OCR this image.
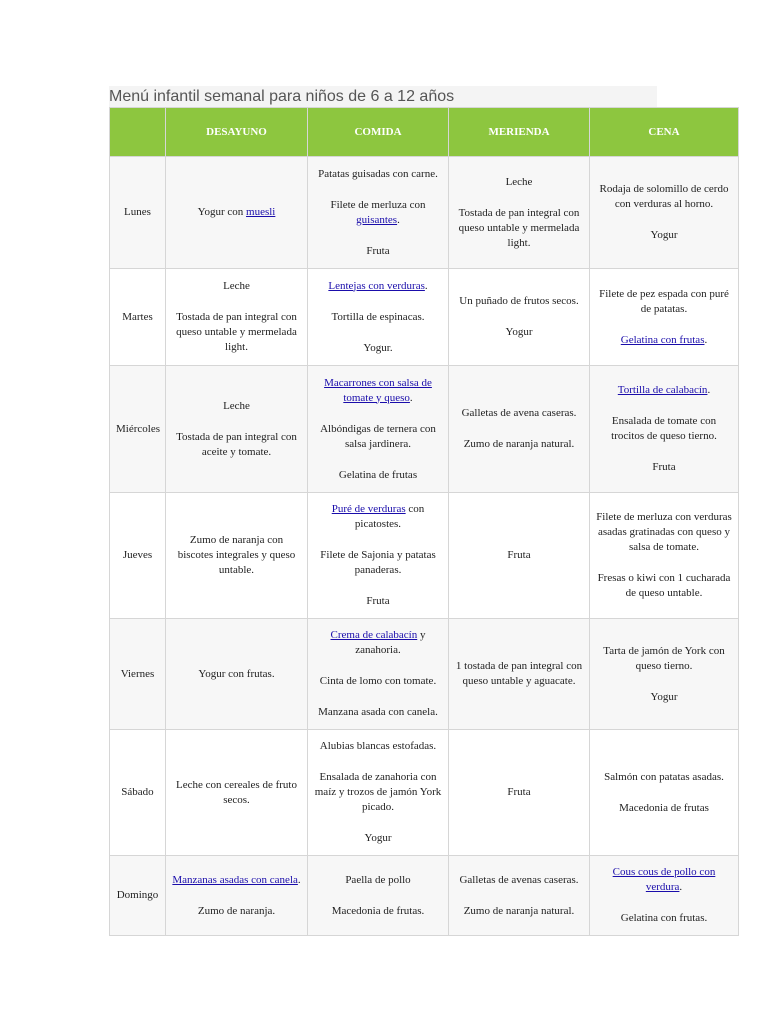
Menú infantil semanal para niños de 6 a 12 años
	DESAYUNO	COMIDA	MERIENDA	CENA
Lunes	Yogur con muesli	Patatas guisadas con carne.
Filete de merluza con guisantes.
Fruta	Leche
Tostada de pan integral con queso untable y mermelada light.	Rodaja de solomillo de cerdo con verduras al horno.
Yogur

Martes	Leche
Tostada de pan integral con queso untable y mermelada light.	Lentejas con verduras.
Tortilla de espinacas.
Yogur.	Un puñado de frutos secos.
Yogur	Filete de pez espada con puré de patatas.
Gelatina con frutas.

Miércoles	Leche
Tostada de pan integral con aceite y tomate.	Macarrones con salsa de tomate y queso.
Albóndigas de ternera con salsa jardinera.
Gelatina de frutas	Galletas de avena caseras.
Zumo de naranja natural.	Tortilla de calabacín.
Ensalada de tomate con trocitos de queso tierno.
Fruta

Jueves	Zumo de naranja con biscotes integrales y queso untable.	Puré de verduras con picatostes.
Filete de Sajonia y patatas panaderas.
Fruta	Fruta	Filete de merluza con verduras asadas gratinadas con queso y salsa de tomate.
Fresas o kiwi con 1 cucharada de queso untable.

Viernes	Yogur con frutas.	Crema de calabacín y zanahoria.
Cinta de lomo con tomate.
Manzana asada con canela.	1 tostada de pan integral con queso untable y aguacate.	Tarta de jamón de York con queso tierno.
Yogur

Sábado	Leche con cereales de fruto secos.	Alubias blancas estofadas.
Ensalada de zanahoria con maíz y trozos de jamón York picado.
Yogur	Fruta	Salmón con patatas asadas.
Macedonia de frutas

Domingo	Manzanas asadas con canela.
Zumo de naranja.	Paella de pollo
Macedonia de frutas.	Galletas de avenas caseras.
Zumo de naranja natural.	Cous cous de pollo con verdura.
Gelatina con frutas.
